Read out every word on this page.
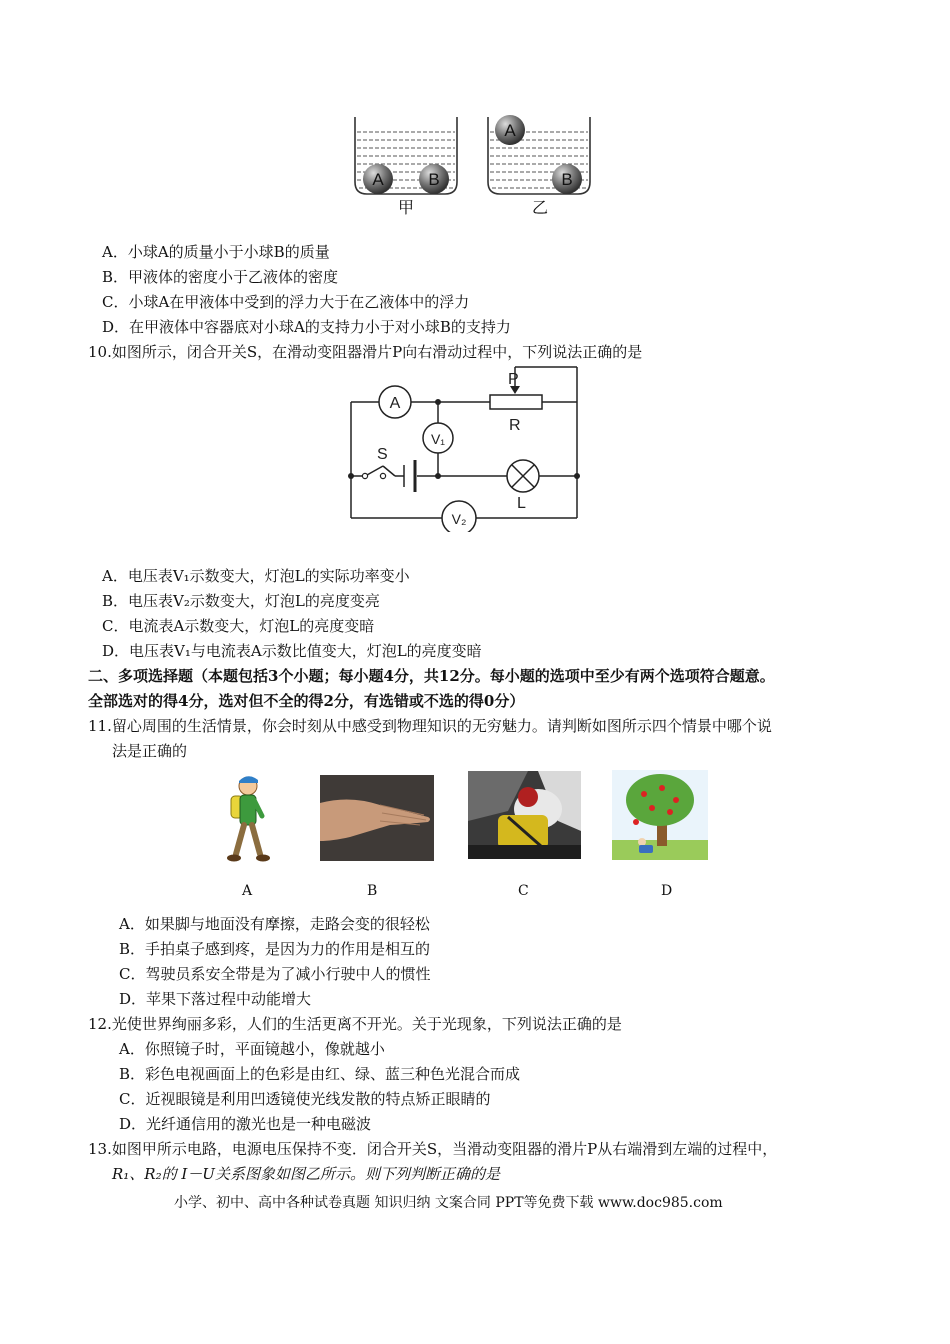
A	B
A
B
甲	乙
A．小球A的质量小于小球B的质量
B．甲液体的密度小于乙液体的密度
C．小球A在甲液体中受到的浮力大于在乙液体中的浮力
D．在甲液体中容器底对小球A的支持力小于对小球B的支持力
10.如图所示，闭合开关S，在滑动变阻器滑片P向右滑动过程中，下列说法正确的是
A
V₁
V₂
P
R
S
L
A．电压表V₁示数变大，灯泡L的实际功率变小
B．电压表V₂示数变大，灯泡L的亮度变亮
C．电流表A示数变大，灯泡L的亮度变暗
D．电压表V₁与电流表A示数比值变大，灯泡L的亮度变暗
二、多项选择题（本题包括3个小题；每小题4分，共12分。每小题的选项中至少有两个选项符合题意。
全部选对的得4分，选对但不全的得2分，有选错或不选的得0分）
11.留心周围的生活情景，你会时刻从中感受到物理知识的无穷魅力。请判断如图所示四个情景中哪个说
法是正确的
A	B	C	D
A．如果脚与地面没有摩擦，走路会变的很轻松
B．手拍桌子感到疼，是因为力的作用是相互的
C．驾驶员系安全带是为了减小行驶中人的惯性
D．苹果下落过程中动能增大
12.光使世界绚丽多彩，人们的生活更离不开光。关于光现象，下列说法正确的是
A．你照镜子时，平面镜越小，像就越小
B．彩色电视画面上的色彩是由红、绿、蓝三种色光混合而成
C．近视眼镜是利用凹透镜使光线发散的特点矫正眼睛的
D．光纤通信用的激光也是一种电磁波
13.如图甲所示电路，电源电压保持不变．闭合开关S，当滑动变阻器的滑片P从右端滑到左端的过程中，
R₁、R₂的 I－U关系图象如图乙所示。则下列判断正确的是
小学、初中、高中各种试卷真题 知识归纳 文案合同 PPT等免费下载 www.doc985.com
